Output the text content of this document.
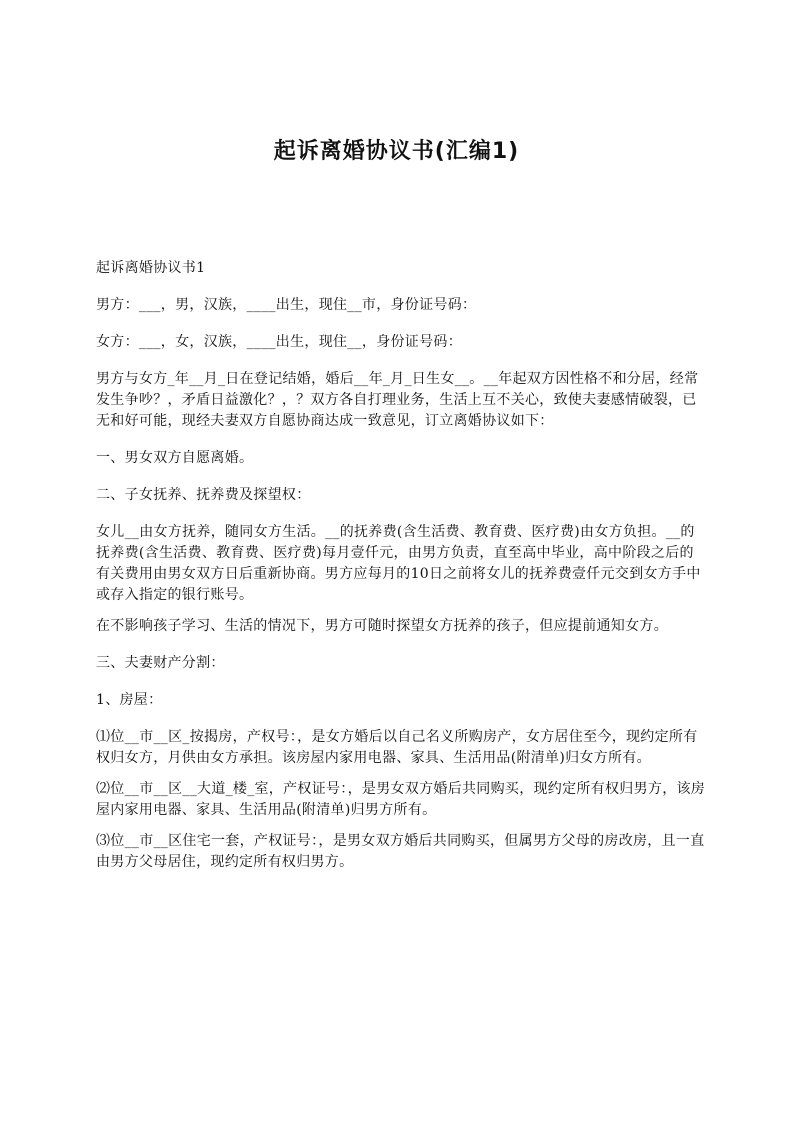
起诉离婚协议书(汇编1)

起诉离婚协议书1

男方：___，男，汉族，____出生，现住__市，身份证号码：

女方：___，女，汉族，____出生，现住__，身份证号码：

男方与女方_年__月_日在登记结婚，婚后__年_月_日生女__。__年起双方因性格不和分居，经常发生争吵？，矛盾日益激化？，？双方各自打理业务，生活上互不关心，致使夫妻感情破裂，已无和好可能，现经夫妻双方自愿协商达成一致意见，订立离婚协议如下：

一、男女双方自愿离婚。

二、子女抚养、抚养费及探望权：

女儿__由女方抚养，随同女方生活。__的抚养费(含生活费、教育费、医疗费)由女方负担。__的抚养费(含生活费、教育费、医疗费)每月壹仟元，由男方负责，直至高中毕业，高中阶段之后的有关费用由男女双方日后重新协商。男方应每月的10日之前将女儿的抚养费壹仟元交到女方手中或存入指定的银行账号。

在不影响孩子学习、生活的情况下，男方可随时探望女方抚养的孩子，但应提前通知女方。

三、夫妻财产分割：

1、房屋：

⑴位__市__区_按揭房，产权号：，是女方婚后以自己名义所购房产，女方居住至今，现约定所有权归女方，月供由女方承担。该房屋内家用电器、家具、生活用品(附清单)归女方所有。

⑵位__市__区__大道_楼_室，产权证号：，是男女双方婚后共同购买，现约定所有权归男方，该房屋内家用电器、家具、生活用品(附清单)归男方所有。

⑶位__市__区住宅一套，产权证号：，是男女双方婚后共同购买，但属男方父母的房改房，且一直由男方父母居住，现约定所有权归男方。
